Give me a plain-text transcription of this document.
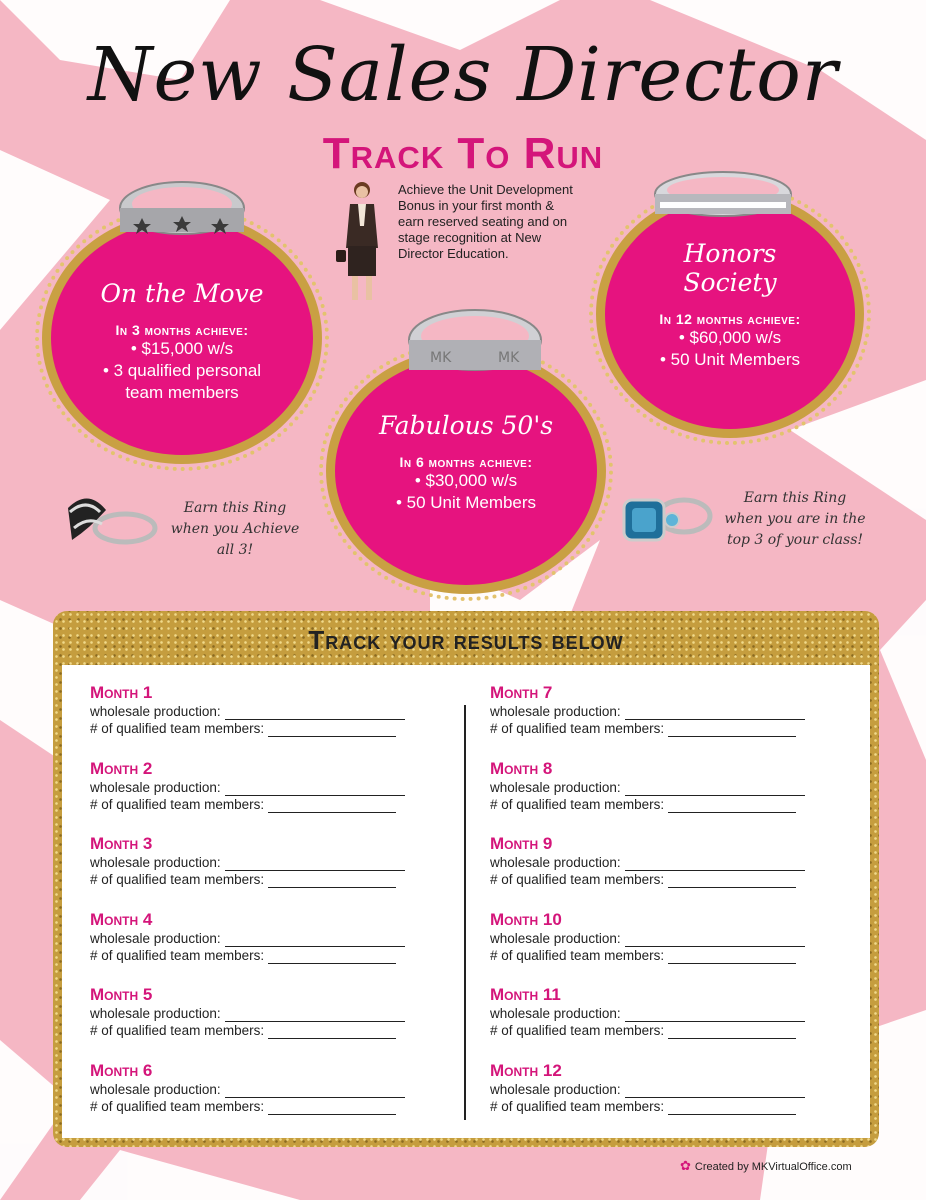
New Sales Director
Track To Run
Achieve the Unit Development Bonus in your first month & earn reserved seating and on stage recognition at New Director Education.
On the Move
In 3 months achieve:
• $15,000 w/s
• 3 qualified personal
team members
Fabulous 50's
In 6 months achieve:
• $30,000 w/s
• 50 Unit Members
MK	MK
Honors
Society
In 12 months achieve:
• $60,000 w/s
• 50 Unit Members
Earn this Ring
when you Achieve
all 3!
Earn this Ring
when you are in the
top 3 of your class!
Track your results below
Month 1
wholesale production:
# of qualified team members:
Month 2
wholesale production:
# of qualified team members:
Month 3
wholesale production:
# of qualified team members:
Month 4
wholesale production:
# of qualified team members:
Month 5
wholesale production:
# of qualified team members:
Month 6
wholesale production:
# of qualified team members:
Month 7
wholesale production:
# of qualified team members:
Month 8
wholesale production:
# of qualified team members:
Month 9
wholesale production:
# of qualified team members:
Month 10
wholesale production:
# of qualified team members:
Month 11
wholesale production:
# of qualified team members:
Month 12
wholesale production:
# of qualified team members:
✿ Created by MKVirtualOffice.com
